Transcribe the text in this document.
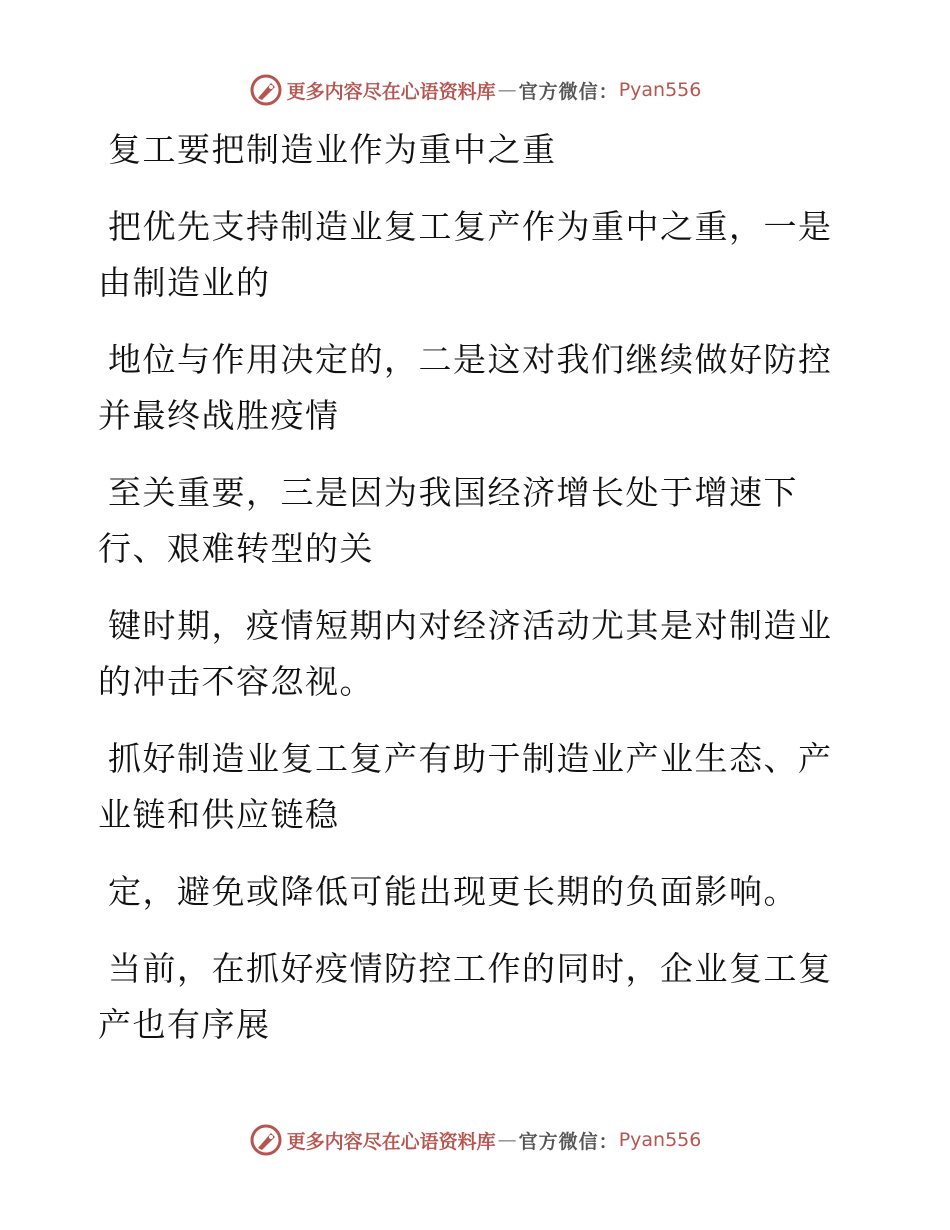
更多内容尽在心语资料库 — 官方微信： Pyan556
复工要把制造业作为重中之重
把优先支持制造业复工复产作为重中之重，一是
由制造业的
地位与作用决定的，二是这对我们继续做好防控
并最终战胜疫情
至关重要，三是因为我国经济增长处于增速下
行、艰难转型的关
键时期，疫情短期内对经济活动尤其是对制造业
的冲击不容忽视。
抓好制造业复工复产有助于制造业产业生态、产
业链和供应链稳
定，避免或降低可能出现更长期的负面影响。
当前，在抓好疫情防控工作的同时，企业复工复
产也有序展
更多内容尽在心语资料库 — 官方微信： Pyan556
